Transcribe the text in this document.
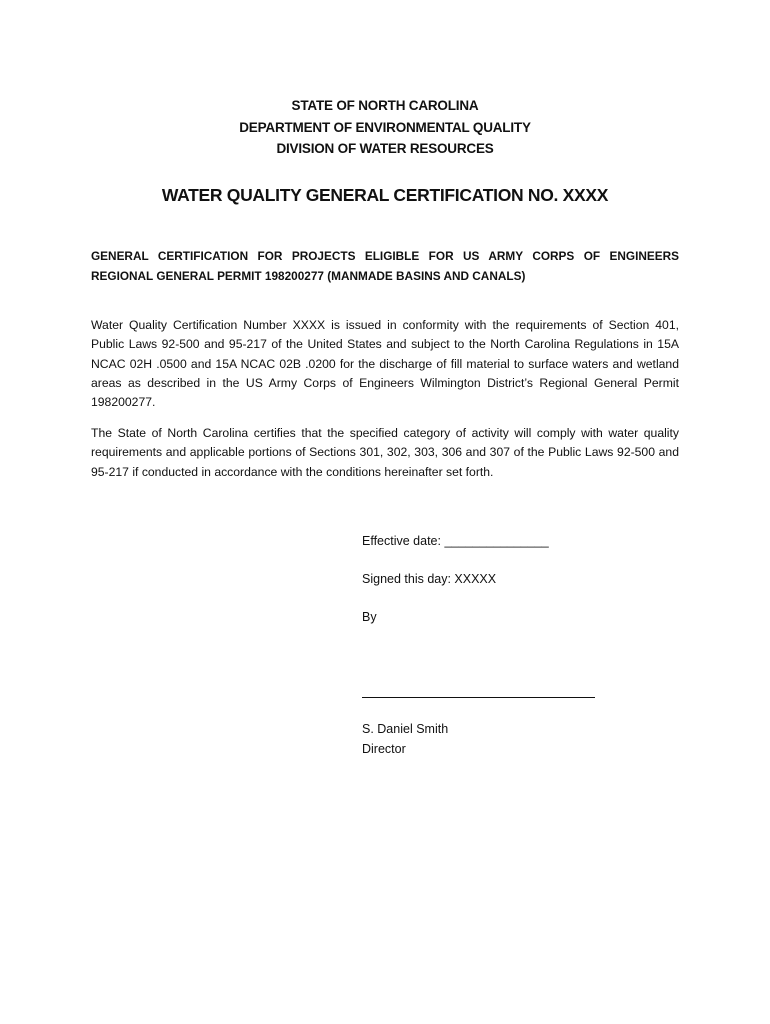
STATE OF NORTH CAROLINA
DEPARTMENT OF ENVIRONMENTAL QUALITY
DIVISION OF WATER RESOURCES
WATER QUALITY GENERAL CERTIFICATION NO. XXXX
GENERAL CERTIFICATION FOR PROJECTS ELIGIBLE FOR US ARMY CORPS OF ENGINEERS REGIONAL GENERAL PERMIT 198200277 (MANMADE BASINS AND CANALS)
Water Quality Certification Number XXXX is issued in conformity with the requirements of Section 401, Public Laws 92-500 and 95-217 of the United States and subject to the North Carolina Regulations in 15A NCAC 02H .0500 and 15A NCAC 02B .0200 for the discharge of fill material to surface waters and wetland areas as described in the US Army Corps of Engineers Wilmington District’s Regional General Permit 198200277.
The State of North Carolina certifies that the specified category of activity will comply with water quality requirements and applicable portions of Sections 301, 302, 303, 306 and 307 of the Public Laws 92-500 and 95-217 if conducted in accordance with the conditions hereinafter set forth.
Effective date: _______________
Signed this day: XXXXX
By
S. Daniel Smith
Director
